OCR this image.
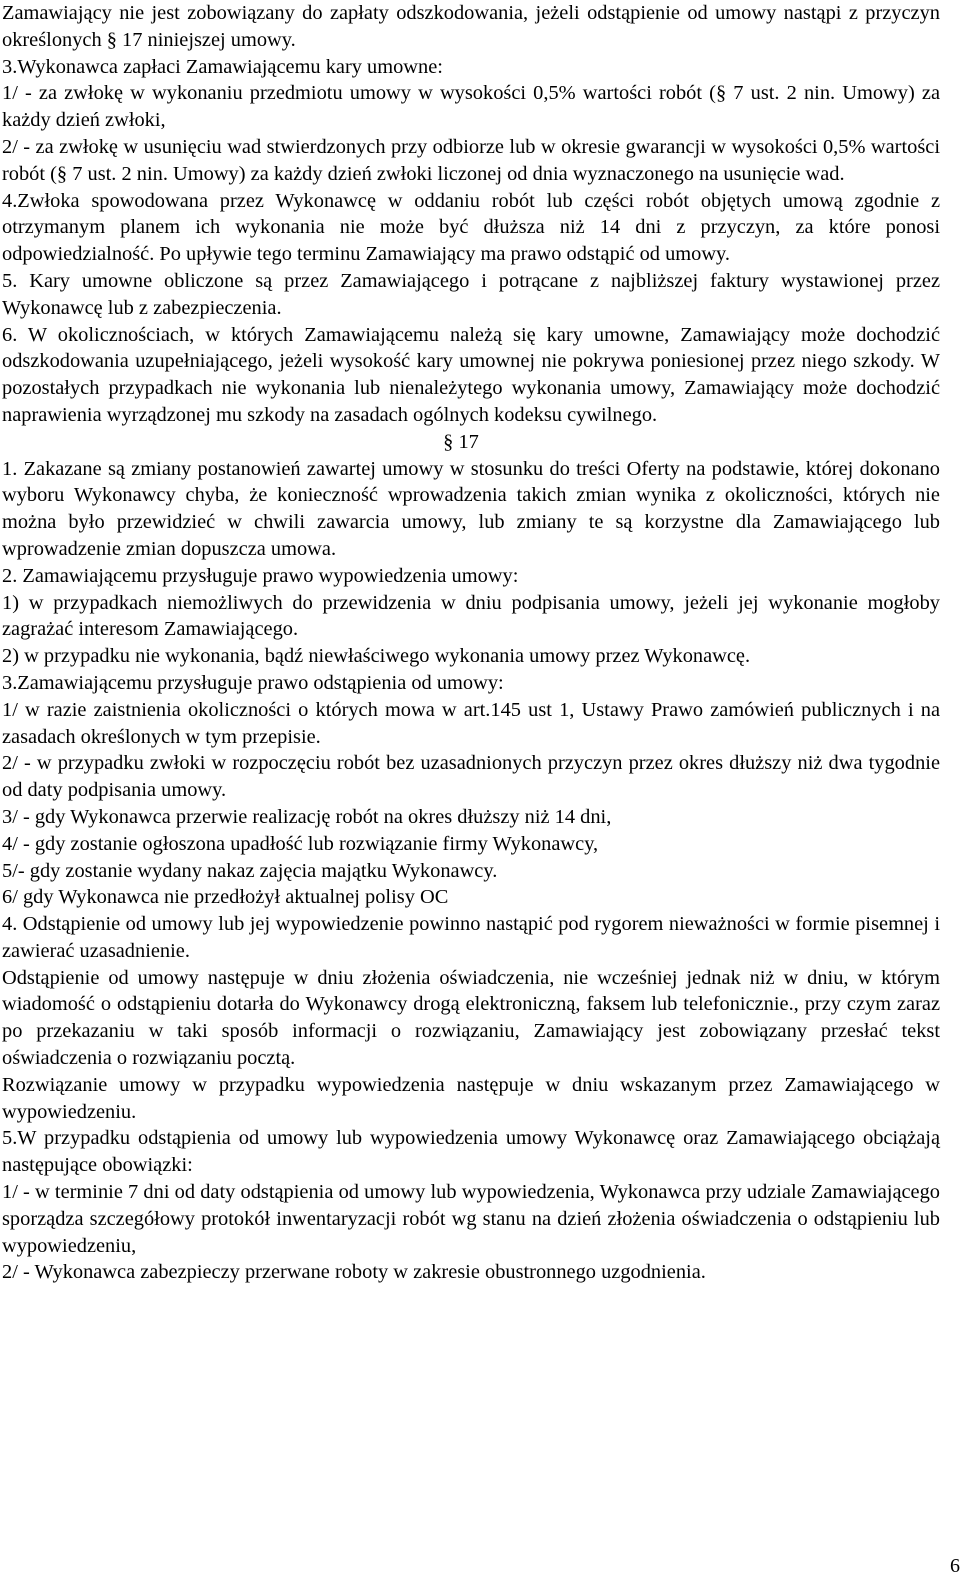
Zamawiający nie jest zobowiązany do zapłaty odszkodowania, jeżeli odstąpienie od umowy nastąpi z przyczyn określonych § 17 niniejszej umowy.

3.Wykonawca zapłaci Zamawiającemu kary umowne:

1/ - za zwłokę w wykonaniu przedmiotu umowy w wysokości 0,5% wartości robót (§ 7 ust. 2 nin. Umowy) za każdy dzień zwłoki,

2/ - za zwłokę w usunięciu wad stwierdzonych przy odbiorze lub w okresie gwarancji w wysokości 0,5% wartości robót (§ 7 ust. 2 nin. Umowy) za każdy dzień zwłoki liczonej od dnia wyznaczonego na usunięcie wad.

4.Zwłoka spowodowana przez Wykonawcę w oddaniu robót lub części robót objętych umową zgodnie z otrzymanym planem ich wykonania nie może być dłuższa niż 14 dni z przyczyn, za które ponosi odpowiedzialność. Po upływie tego terminu Zamawiający ma prawo odstąpić od umowy.

5. Kary umowne obliczone są przez Zamawiającego i potrącane z najbliższej faktury wystawionej przez Wykonawcę lub z zabezpieczenia.

6. W okolicznościach, w których Zamawiającemu należą się kary umowne, Zamawiający może dochodzić odszkodowania uzupełniającego, jeżeli wysokość kary umownej nie pokrywa poniesionej przez niego szkody. W pozostałych przypadkach nie wykonania lub nienależytego wykonania umowy, Zamawiający może dochodzić naprawienia wyrządzonej mu szkody na zasadach ogólnych kodeksu cywilnego.

§ 17

1. Zakazane są zmiany postanowień zawartej umowy w stosunku do treści Oferty na podstawie, której dokonano wyboru Wykonawcy chyba, że konieczność wprowadzenia takich zmian wynika z okoliczności, których nie można było przewidzieć w chwili zawarcia umowy, lub zmiany te są korzystne dla Zamawiającego lub wprowadzenie zmian dopuszcza umowa.

2. Zamawiającemu przysługuje prawo wypowiedzenia umowy:

1) w przypadkach niemożliwych do przewidzenia w dniu podpisania umowy, jeżeli jej wykonanie mogłoby zagrażać interesom Zamawiającego.

2) w przypadku nie wykonania, bądź niewłaściwego wykonania umowy przez Wykonawcę.

3.Zamawiającemu przysługuje prawo odstąpienia od umowy:

1/ w razie zaistnienia okoliczności o których mowa w art.145 ust 1, Ustawy Prawo zamówień publicznych i na zasadach określonych w tym przepisie.

2/ - w przypadku zwłoki w rozpoczęciu robót bez uzasadnionych przyczyn przez okres dłuższy niż dwa tygodnie od daty podpisania umowy.

3/ - gdy Wykonawca przerwie realizację robót na okres dłuższy niż 14 dni,

4/ - gdy zostanie ogłoszona upadłość lub rozwiązanie firmy Wykonawcy,

5/- gdy zostanie wydany nakaz zajęcia majątku Wykonawcy.

6/ gdy Wykonawca nie przedłożył aktualnej polisy OC

4. Odstąpienie od umowy lub jej wypowiedzenie powinno nastąpić pod rygorem nieważności w formie pisemnej i zawierać uzasadnienie.

Odstąpienie od umowy następuje w dniu złożenia oświadczenia, nie wcześniej jednak niż w dniu, w którym wiadomość o odstąpieniu dotarła do Wykonawcy drogą elektroniczną, faksem lub telefonicznie., przy czym zaraz po przekazaniu w taki sposób informacji o rozwiązaniu, Zamawiający jest zobowiązany przesłać tekst oświadczenia o rozwiązaniu pocztą.

Rozwiązanie umowy w przypadku wypowiedzenia następuje w dniu wskazanym przez Zamawiającego w wypowiedzeniu.

5.W przypadku odstąpienia od umowy lub wypowiedzenia umowy Wykonawcę oraz Zamawiającego obciążają następujące obowiązki:

1/ - w terminie 7 dni od daty odstąpienia od umowy lub wypowiedzenia, Wykonawca przy udziale Zamawiającego sporządza szczegółowy protokół inwentaryzacji robót wg stanu na dzień złożenia oświadczenia o odstąpieniu lub wypowiedzeniu,

2/ - Wykonawca zabezpieczy przerwane roboty w zakresie obustronnego uzgodnienia.

6
